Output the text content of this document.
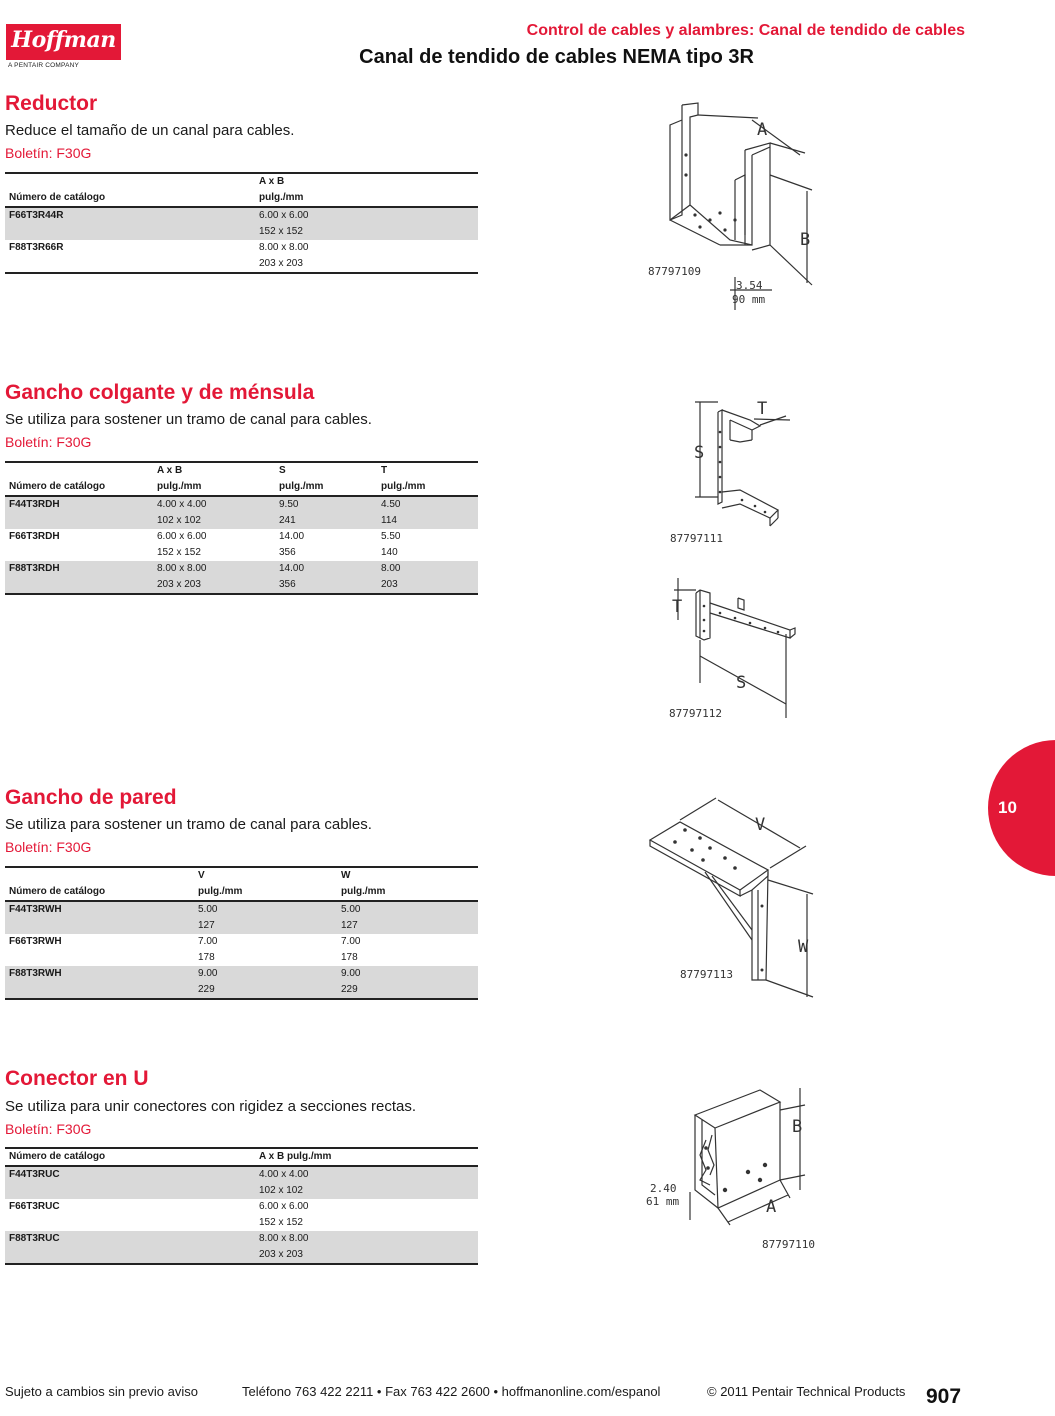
Hoffman
A PENTAIR COMPANY
Control de cables y alambres: Canal de tendido de cables
Canal de tendido de cables NEMA tipo 3R
Reductor
Reduce el tamaño de un canal para cables.
Boletín: F30G
	A x B
Número de catálogo	pulg./mm
F66T3R44R	6.00 x 6.00
	152 x 152
F88T3R66R	8.00 x 8.00
	203 x 203
A
B
3.54
90 mm
87797109
Gancho colgante y de ménsula
Se utiliza para sostener un tramo de canal para cables.
Boletín: F30G
	A x B	S	T
Número de catálogo	pulg./mm	pulg./mm	pulg./mm
F44T3RDH	4.00 x 4.00	9.50	4.50
	102 x 102	241	114
F66T3RDH	6.00 x 6.00	14.00	5.50
	152 x 152	356	140
F88T3RDH	8.00 x 8.00	14.00	8.00
	203 x 203	356	203
T
S
87797111
T
S
87797112
Gancho de pared
Se utiliza para sostener un tramo de canal para cables.
Boletín: F30G
	V	W
Número de catálogo	pulg./mm	pulg./mm
F44T3RWH	5.00	5.00
	127	127
F66T3RWH	7.00	7.00
	178	178
F88T3RWH	9.00	9.00
	229	229
V
W
87797113
Conector en U
Se utiliza para unir conectores con rigidez a secciones rectas.
Boletín: F30G
Número de catálogo	A x B pulg./mm
F44T3RUC	4.00 x 4.00
	102 x 102
F66T3RUC	6.00 x 6.00
	152 x 152
F88T3RUC	8.00 x 8.00
	203 x 203
B
A
2.40
61 mm
87797110
10
Sujeto a cambios sin previo aviso	Teléfono 763 422 2211 • Fax 763 422 2600 • hoffmanonline.com/espanol	© 2011 Pentair Technical Products 907
